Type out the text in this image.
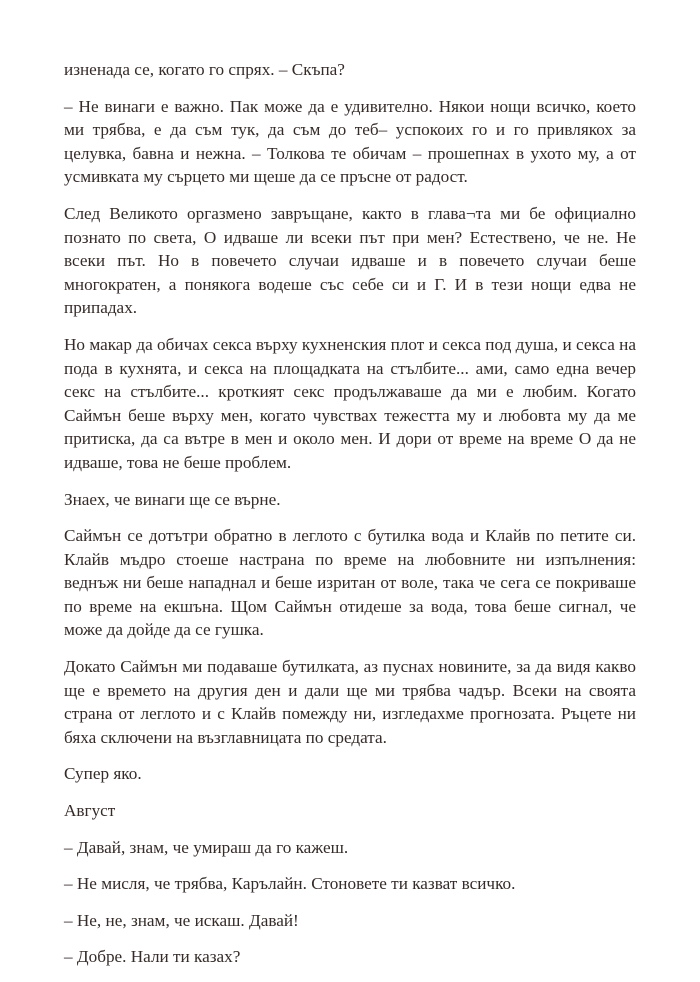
изненада се, когато го спрях. – Скъпа?

– Не винаги е важно. Пак може да е удивително. Някои нощи всичко, което ми трябва, е да съм тук, да съм до теб– успокоих го и го привлякох за целувка, бавна и нежна. – Толкова те обичам – прошепнах в ухото му, а от усмивката му сърцето ми щеше да се пръсне от радост.

След Великото оргазмено завръщане, както в глава¬та ми бе официално познато по света, О идваше ли всеки път при мен? Естествено, че не. Не всеки път. Но в повечето случаи идваше и в повечето случаи беше многократен, а понякога водеше със себе си и Г. И в тези нощи едва не припадах.

Но макар да обичах секса върху кухненския плот и секса под душа, и секса на пода в кухнята, и секса на площадката на стълбите... ами, само една вечер секс на стълбите... кроткият секс продължаваше да ми е любим. Когато Саймън беше върху мен, когато чувствах тежестта му и любовта му да ме притиска, да са вътре в мен и около мен. И дори от време на време О да не идваше, това не беше проблем.

Знаех, че винаги ще се върне.

Саймън се дотътри обратно в леглото с бутилка вода и Клайв по петите си. Клайв мъдро стоеше настрана по време на любовните ни изпълнения: веднъж ни беше нападнал и беше изритан от воле, така че сега се покриваше по време на екшъна. Щом Саймън отидеше за вода, това беше сигнал, че може да дойде да се гушка.

Докато Саймън ми подаваше бутилката, аз пуснах новините, за да видя какво ще е времето на другия ден и дали ще ми трябва чадър. Всеки на своята страна от леглото и с Клайв помежду ни, изгледахме прогнозата. Ръцете ни бяха сключени на възглавницата по средата.

Супер яко.

Август

– Давай, знам, че умираш да го кажеш.

– Не мисля, че трябва, Карълайн. Стоновете ти казват всичко.

– Не, не, знам, че искаш. Давай!

– Добре. Нали ти казах?
